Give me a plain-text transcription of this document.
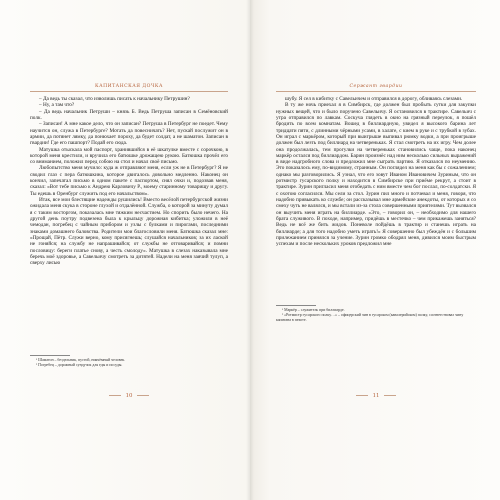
КАПИТАНСКАЯ ДОЧКА

– Да ведь ты сказал, что изволишь писать к начальнику Петрушин?

– Ну, а там что?

– Да ведь начальник Петруши – князь Б. Ведь Петруша записан в Семёновский полк.

– Записан! А мне какое дело, что он записан? Петруша в Петербург не поедет. Чему научится он, служа в Петербурге? Мотать да повесничать? Нет, пускай послужит он в армии, да потянет лямку, да понюхает пороху, да будет солдат, а не шаматон. Записан в гвардии! Где его пашпорт? Подай его сюда.

Матушка отыскала мой паспорт, хранившийся в её шкатулке вместе с сорочкою, в которой меня крестили, и вручила его батюшке дрожащею рукою. Батюшка прочёл его со вниманием, положил перед собою на стол и начал своё письмо.

Любопытство меня мучило: куда ж отправляют меня, если уж не в Петербург? Я не сводил глаз с пера батюшкина, которое двигалось довольно медленно. Наконец он кончил, запечатал письмо в одном пакете с паспортом, снял очки и, подозвав меня, сказал: «Вот тебе письмо к Андрею Карловичу Р., моему старинному товарищу и другу. Ты едешь в Оренбург служить под его начальством».

Итак, все мои блестящие надежды рушились! Вместо весёлой петербургской жизни ожидала меня скука в стороне глухой и отдалённой. Служба, о которой за минуту думал я с таким восторгом, показалась мне тяжким несчастием. Но спорить было нечего. На другой день поутру подвезена была к крыльцу дорожная кибитка; уложили в неё чемодан, погребец с чайным прибором и узлы с булками и пирогами, последними знаками домашнего баловства. Родители мои благословили меня. Батюшка сказал мне: «Прощай, Пётр. Служи верно, кому присягнешь; слушайся начальников; за их лаской не гоняйся; на службу не напрашивайся; от службы не отговаривайся; и помни пословицу: береги платье снову, а честь смолоду». Матушка в слезах наказывала мне беречь моё здоровье, а Савельичу смотреть за дитятей. Надели на меня заячий тулуп, а сверху лисью

¹ Шаматон – бездельник, пустой, никчёмный человек.

² Погребец – дорожный сундучок для еды и посуды.

10
Сержант гвардии

шубу. Я сел в кибитку с Савельичем и отправился в дорогу, обливаясь слезами.

В ту же ночь приехал я в Симбирск, где должен был пробыть сутки для закупки нужных вещей, что и было поручено Савельичу. Я остановился в трактире. Савельич с утра отправился по лавкам. Соскуча глядеть в окно на грязный переулок, я пошёл бродить по всем комнатам. Вошед в биллиардную, увидел я высокого барина лет тридцати пяти, с длинными чёрными усами, в халате, с кием в руке и с трубкой в зубах. Он играл с маркёром, который при выигрыше выпивал рюмку водки, а при проигрыше должен был лезть под биллиард на четвереньках. Я стал смотреть на их игру. Чем долее она продолжалась, тем прогулки на четвереньках становились чаще, пока наконец маркёр остался под биллиардом. Барин произнёс над ним несколько сильных выражений в виде надгробного слова и предложил мне сыграть партию. Я отказался по неумению. Это показалось ему, по-видимому, странным. Он поглядел на меня как бы с сожалением; однако мы разговорились. Я узнал, что его зовут Иваном Ивановичем Зуриным, что он ротмистр гусарского полку и находится в Симбирске при приёме рекрут, а стоит в трактире. Зурин пригласил меня отобедать с ним вместе чем бог послал, по-солдатски. Я с охотою согласился. Мы сели за стол. Зурин пил много и потчевал и меня, говоря, что надобно привыкать ко службе; он рассказывал мне армейские анекдоты, от которых я со смеху чуть не валялся, и мы встали из-за стола совершенными приятелями. Тут вызвался он выучить меня играть на биллиарде. «Это, – говорил он, – необходимо для нашего брата служивого. В походе, например, придёшь в местечко – чем прикажешь заняться? Ведь не всё же бить жидов. Поневоле пойдёшь в трактир и станешь играть на биллиарде; а для того надобно уметь играть!» Я совершенно был убеждён и с большим прилежанием принялся за учение. Зурин громко ободрял меня, дивился моим быстрым успехам и после нескольких уроков предложил мне

¹ Маркёр – служитель при биллиарде.

² «Ротмистр гусарского полку…» – офицерский чин в гусарском (кавалерийском) полку, соответствовал чину капитана в пехоте.

11
